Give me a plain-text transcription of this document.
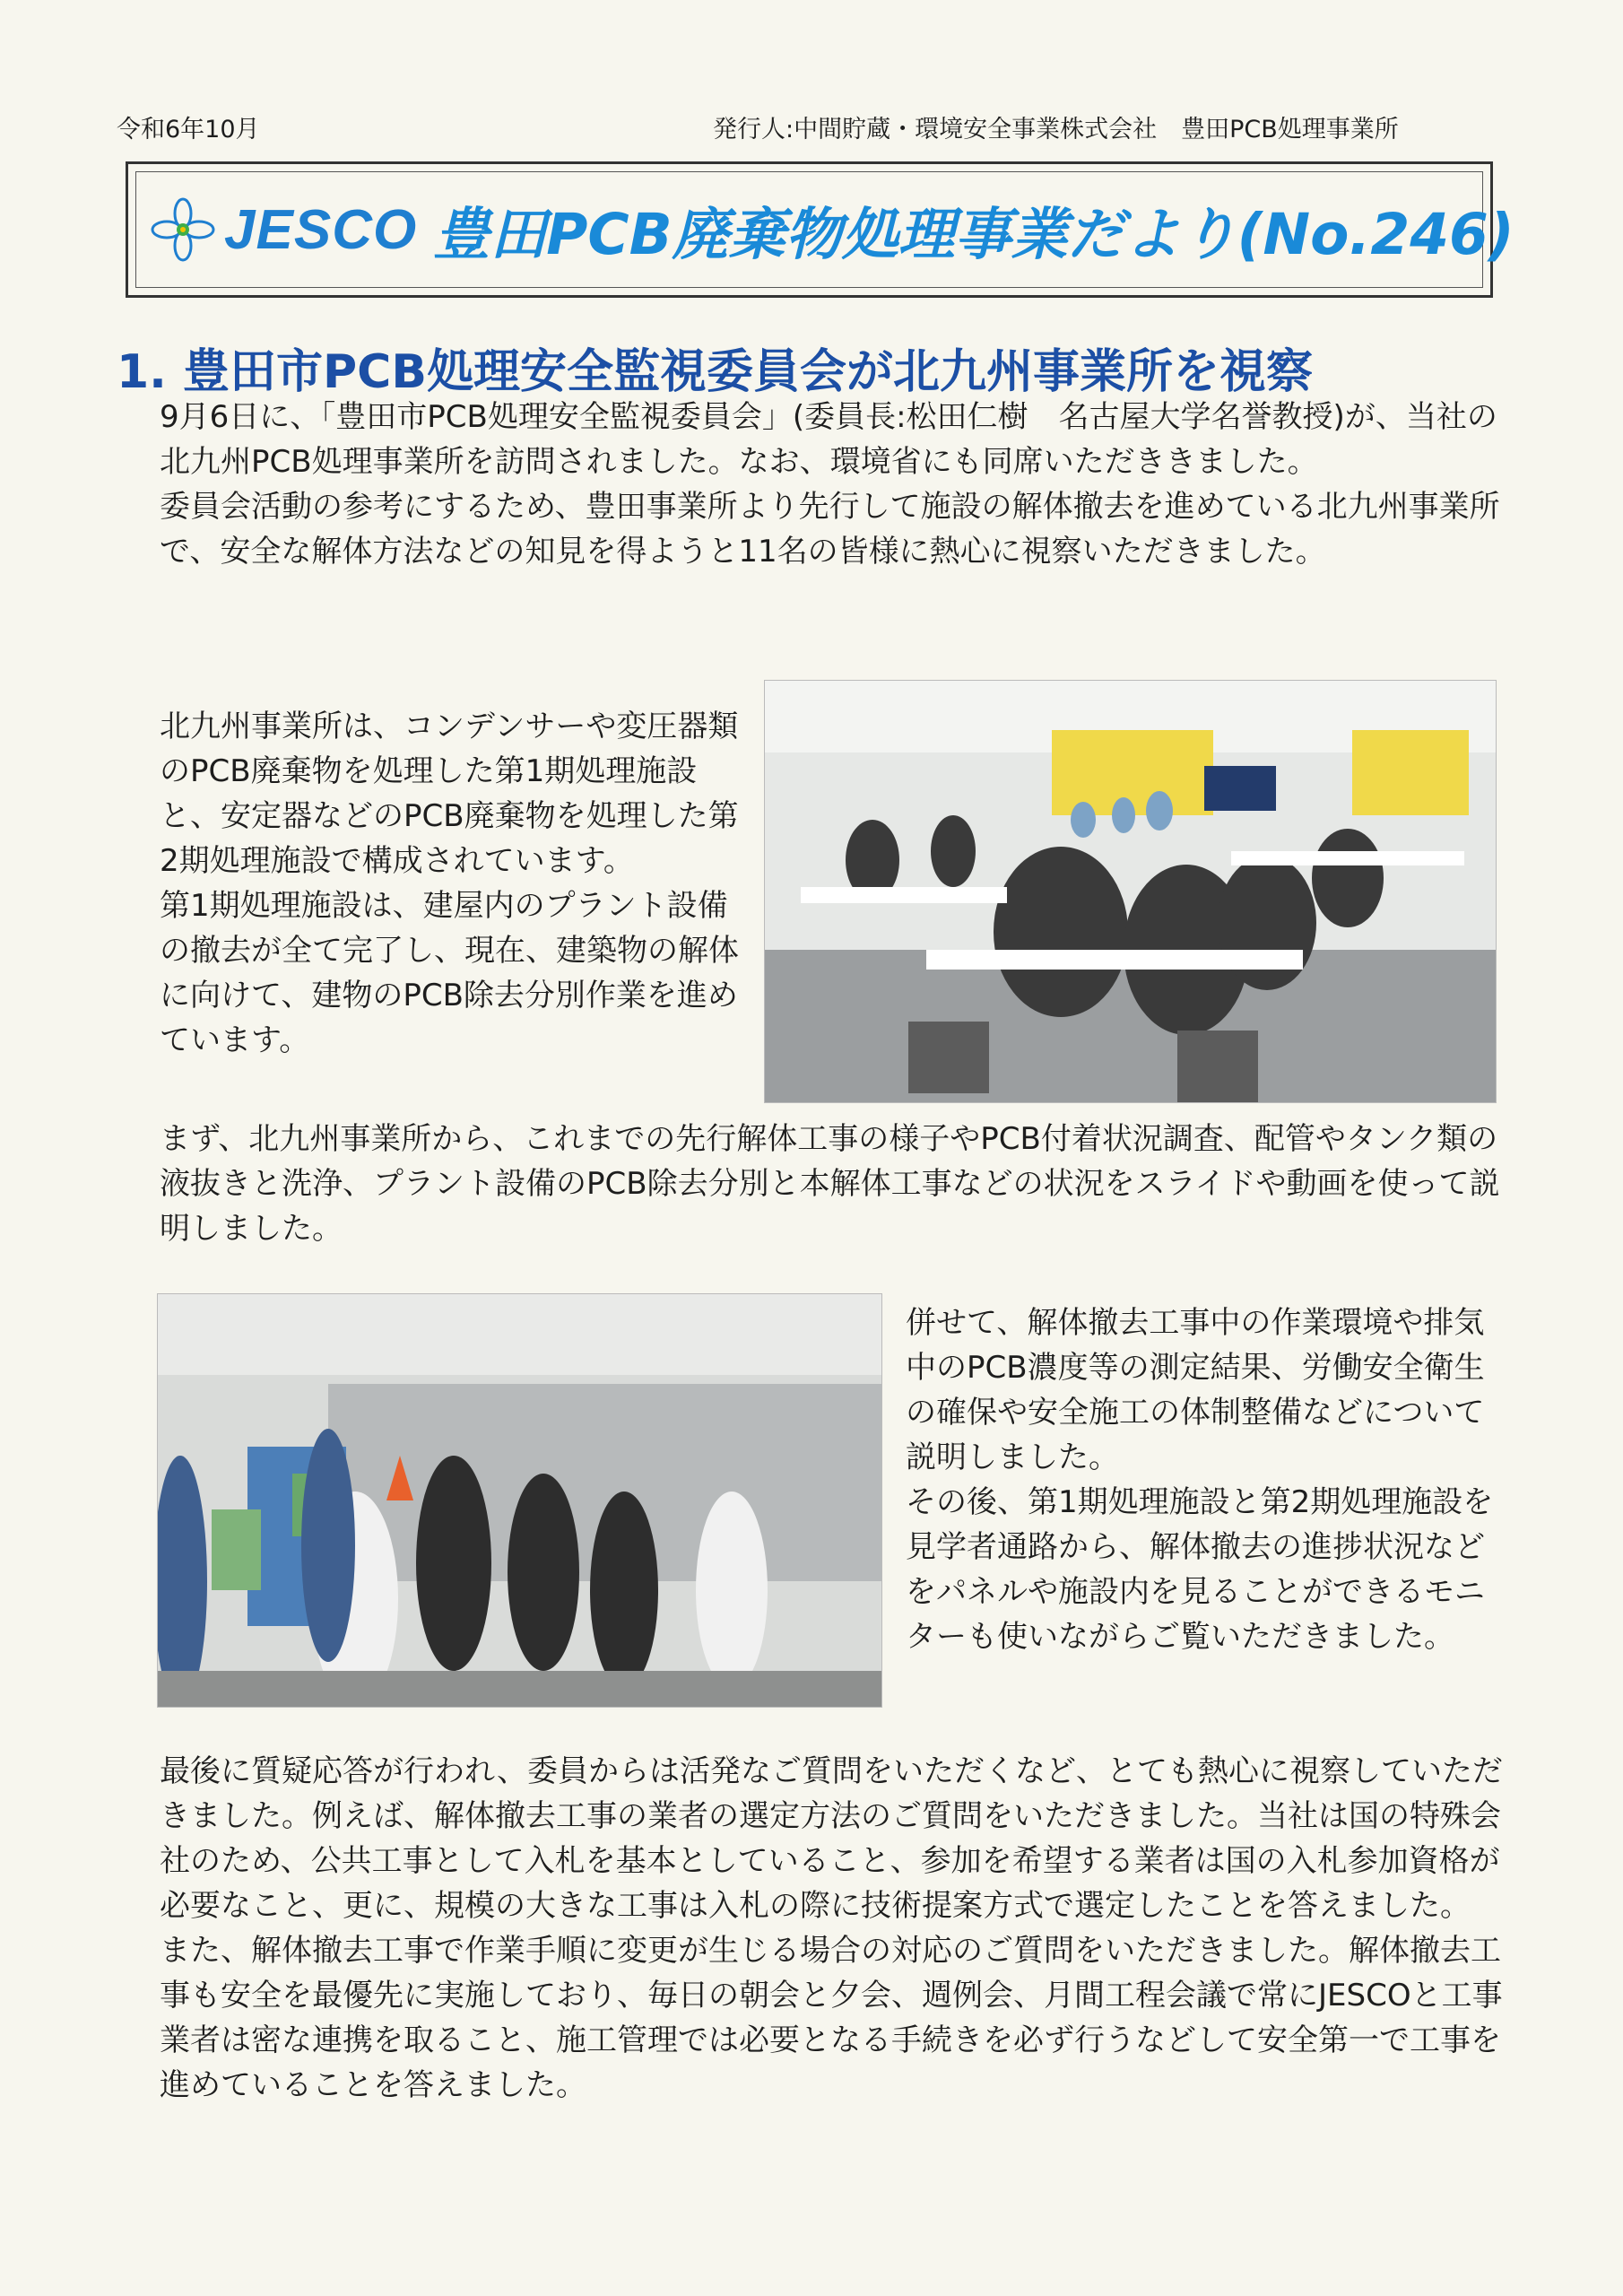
令和6年10月	発行人:中間貯蔵・環境安全事業株式会社　豊田PCB処理事業所
JESCO 豊田PCB廃棄物処理事業だより(No.246)
1. 豊田市PCB処理安全監視委員会が北九州事業所を視察
9月6日に、「豊田市PCB処理安全監視委員会」(委員長:松田仁樹　名古屋大学名誉教授)が、当社の北九州PCB処理事業所を訪問されました。なお、環境省にも同席いただききました。
委員会活動の参考にするため、豊田事業所より先行して施設の解体撤去を進めている北九州事業所で、安全な解体方法などの知見を得ようと11名の皆様に熱心に視察いただきました。
北九州事業所は、コンデンサーや変圧器類のPCB廃棄物を処理した第1期処理施設と、安定器などのPCB廃棄物を処理した第2期処理施設で構成されています。
第1期処理施設は、建屋内のプラント設備の撤去が全て完了し、現在、建築物の解体に向けて、建物のPCB除去分別作業を進めています。
まず、北九州事業所から、これまでの先行解体工事の様子やPCB付着状況調査、配管やタンク類の液抜きと洗浄、プラント設備のPCB除去分別と本解体工事などの状況をスライドや動画を使って説明しました。
併せて、解体撤去工事中の作業環境や排気中のPCB濃度等の測定結果、労働安全衛生の確保や安全施工の体制整備などについて説明しました。
その後、第1期処理施設と第2期処理施設を見学者通路から、解体撤去の進捗状況などをパネルや施設内を見ることができるモニターも使いながらご覧いただきました。
最後に質疑応答が行われ、委員からは活発なご質問をいただくなど、とても熱心に視察していただきました。例えば、解体撤去工事の業者の選定方法のご質問をいただきました。当社は国の特殊会社のため、公共工事として入札を基本としていること、参加を希望する業者は国の入札参加資格が必要なこと、更に、規模の大きな工事は入札の際に技術提案方式で選定したことを答えました。
また、解体撤去工事で作業手順に変更が生じる場合の対応のご質問をいただきました。解体撤去工事も安全を最優先に実施しており、毎日の朝会と夕会、週例会、月間工程会議で常にJESCOと工事業者は密な連携を取ること、施工管理では必要となる手続きを必ず行うなどして安全第一で工事を進めていることを答えました。
